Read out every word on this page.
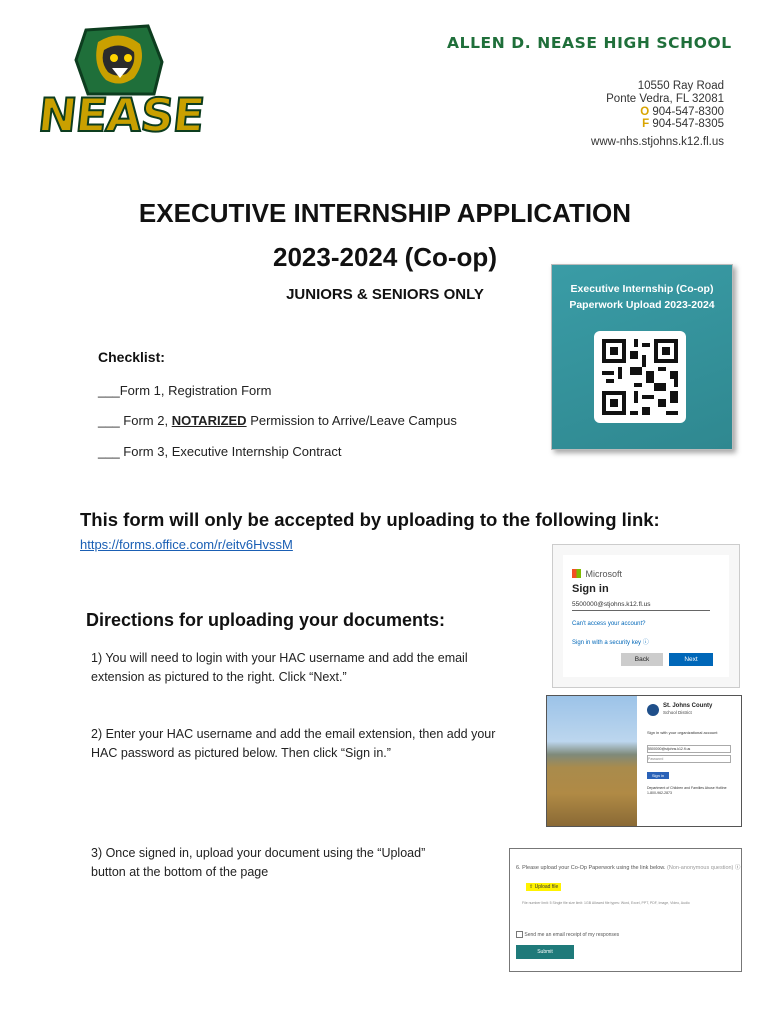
NEASE
ALLEN D. NEASE HIGH SCHOOL
10550 Ray Road
Ponte Vedra, FL 32081
O 904-547-8300
F 904-547-8305
www-nhs.stjohns.k12.fl.us
EXECUTIVE INTERNSHIP APPLICATION
2023-2024 (Co-op)
JUNIORS & SENIORS ONLY
Checklist:
___Form 1, Registration Form
___ Form 2, NOTARIZED Permission to Arrive/Leave Campus
___ Form 3, Executive Internship Contract
Executive Internship (Co-op)
Paperwork Upload 2023-2024
This form will only be accepted by uploading to the following link:
https://forms.office.com/r/eitv6HvssM
Microsoft
Sign in
5500000@stjohns.k12.fl.us
Can't access your account?
Sign in with a security key ⓘ
Back	Next
Directions for uploading your documents:
1) You will need to login with your HAC username and add the email
extension as pictured to the right. Click “Next.”
2) Enter your HAC username and add the email extension, then add your
HAC password as pictured below. Then click “Sign in.”
3) Once signed in, upload your document using the “Upload”
button at the bottom of the page
St. Johns County
School District
Sign in with your organizational account
5500000@stjohns.k12.fl.us
Password
Sign in
Department of Children and Families Abuse Hotline
1-800-962-2873
6. Please upload your Co-Op Paperwork using the link below. (Non-anonymous question) ⓘ
⇧ Upload file
File number limit: 5 Single file size limit: 1GB Allowed file types: Word, Excel, PPT, PDF, Image, Video, Audio
Send me an email receipt of my responses
Submit
